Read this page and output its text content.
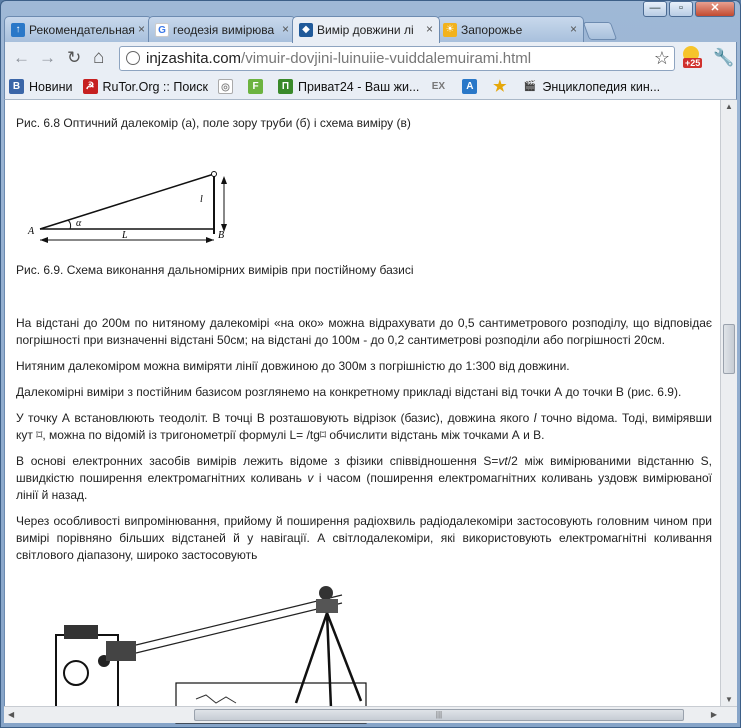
—	▫	✕
↑ Рекомендательная ×	G геодезія вимірюва ×	◆ Вимір довжини лі × ☀ Запорожье	×
← → ↻ ⌂	injzashita.com/vimuir-dovjini-luinuiie-vuiddalemuirami.html	☆ +25 🔧
B Новини	☭ RuTor.Org :: Поиск	◎	F	П Приват24 - Ваш жи... EX	A ★ 🎬 Энциклопедия кин...

Рис. 6.8 Оптичний далекомір (а), поле зору труби (б) і схема виміру (в)

A
α
L
l
B

Рис. 6.9. Схема виконання дальномірних вимірів при постійному базисі

На відстані до 200м по нитяному далекомірі «на око» можна відрахувати до 0,5 сантиметрового розподілу, що відповідає погрішності при визначенні відстані 50см; на відстані до 100м - до 0,2 сантиметрові розподіли або погрішності 20см.

Нитяним далекоміром можна виміряти лінії довжиною до 300м з погрішністю до 1:300 від довжини.

Далекомірні виміри з постійним базисом розглянемо на конкретному прикладі відстані від точки А до точки В (рис. 6.9).

У точку А встановлюють теодоліт. В точці В розташовують відрізок (базис), довжина якого l точно відома. Тоді, вимірявши кут ⌑, можна по відомій із тригонометрії формулі L= /tg⌑ обчислити відстань між точками А и В.

В основі електронних засобів вимірів лежить відоме з фізики співвідношення S=vt/2 між вимірюваними відстанню S, швидкістю поширення електромагнітних коливань v і часом (поширення електромагнітних коливань уздовж вимірюваної лінії й назад.

Через особливості випромінювання, прийому й поширення радіохвиль радіодалекоміри застосовують головним чином при вимірі порівняно більших відстаней й у навігації. А світлодалекоміри, які використовують електромагнітні коливання світлового діапазону, широко застосовують

▲
▼
◀	|||	▶
